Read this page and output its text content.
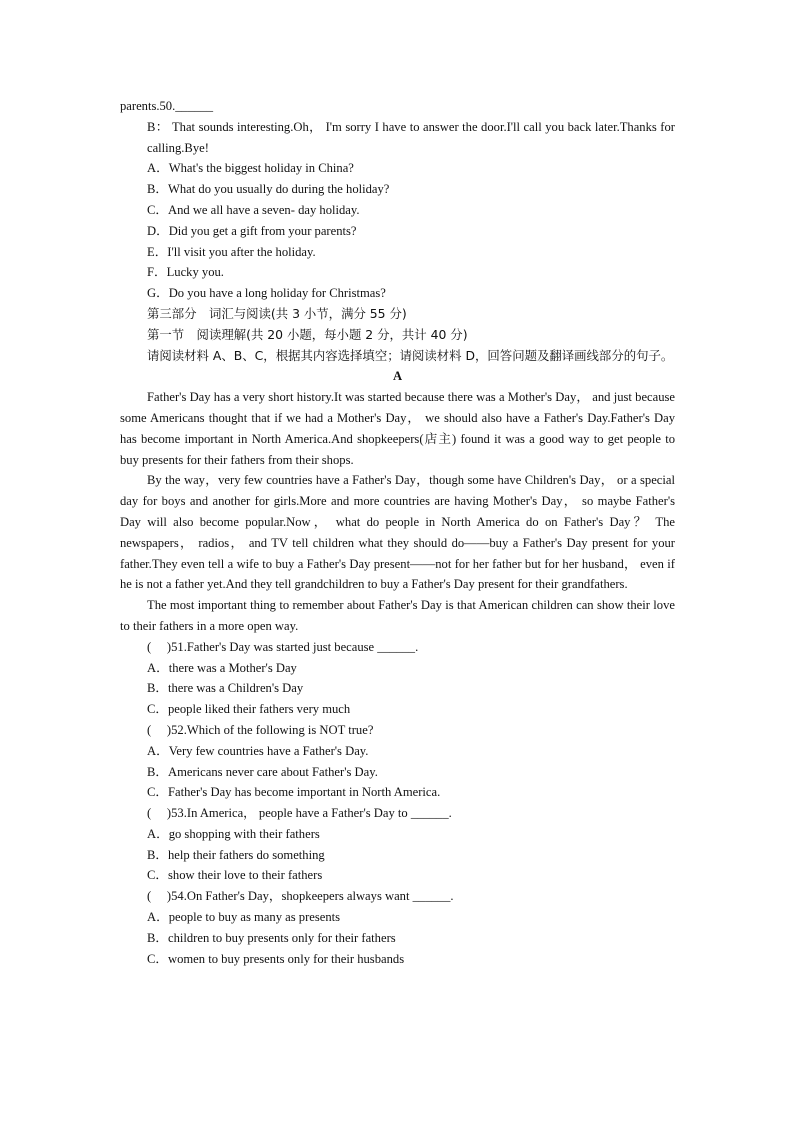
parents.50.______
B： That sounds interesting.Oh， I'm sorry I have to answer the door.I'll call you back later.Thanks for calling.Bye!
A．What's the biggest holiday in China?
B．What do you usually do during the holiday?
C．And we all have a seven- day holiday.
D．Did you get a gift from your parents?
E．I'll visit you after the holiday.
F．Lucky you.
G．Do you have a long holiday for Christmas?
第三部分　词汇与阅读(共 3 小节，满分 55 分)
第一节　阅读理解(共 20 小题，每小题 2 分，共计 40 分)
请阅读材料 A、B、C，根据其内容选择填空；请阅读材料 D，回答问题及翻译画线部分的句子。
A
Father's Day has a very short history.It was started because there was a Mother's Day， and just because some Americans thought that if we had a Mother's Day， we should also have a Father's Day.Father's Day has become important in North America.And shopkeepers(店主) found it was a good way to get people to buy presents for their fathers from their shops.
By the way，very few countries have a Father's Day，though some have Children's Day， or a special day for boys and another for girls.More and more countries are having Mother's Day， so maybe Father's Day will also become popular.Now， what do people in North America do on Father's Day？ The newspapers， radios， and TV tell children what they should do——buy a Father's Day present for your father.They even tell a wife to buy a Father's Day present——not for her father but for her husband， even if he is not a father yet.And they tell grandchildren to buy a Father's Day present for their grandfathers.
The most important thing to remember about Father's Day is that American children can show their love to their fathers in a more open way.
(　 )51.Father's Day was started just because ______.
A．there was a Mother's Day
B．there was a Children's Day
C．people liked their fathers very much
(　 )52.Which of the following is NOT true?
A．Very few countries have a Father's Day.
B．Americans never care about Father's Day.
C．Father's Day has become important in North America.
(　 )53.In America， people have a Father's Day to ______.
A．go shopping with their fathers
B．help their fathers do something
C．show their love to their fathers
(　 )54.On Father's Day，shopkeepers always want ______.
A．people to buy as many as presents
B．children to buy presents only for their fathers
C．women to buy presents only for their husbands
